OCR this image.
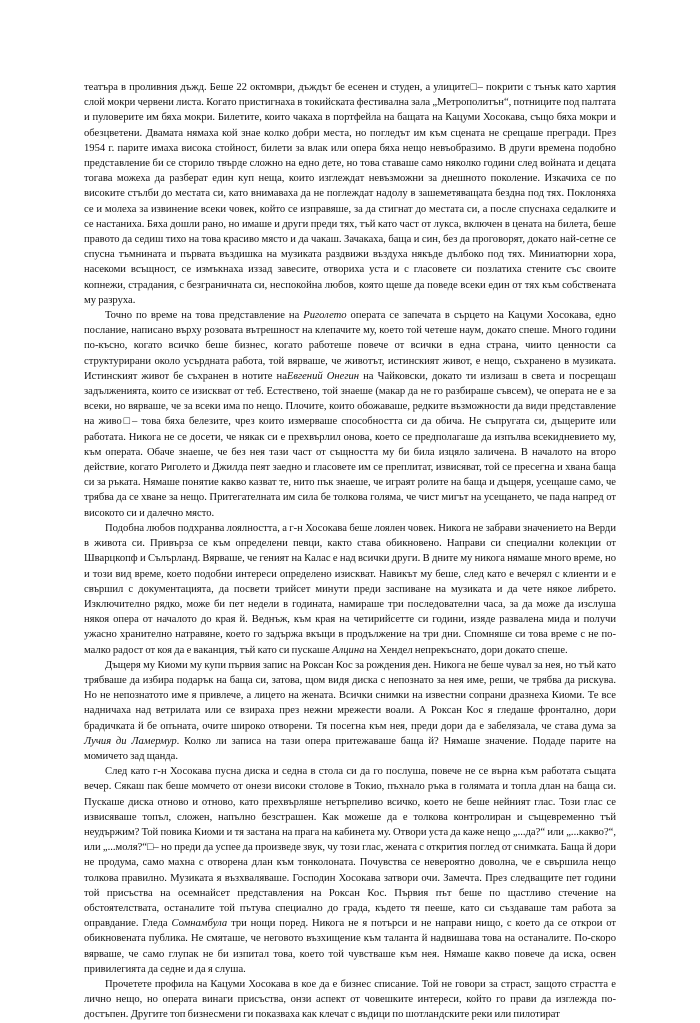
театъра в проливния дъжд. Беше 22 октомври, дъждът бе есенен и студен, а улиците□– покрити с тънък като хартия слой мокри червени листа. Когато пристигнаха в токийската фестивална зала „Метрополитън“, потниците под палтата и пуловерите им бяха мокри. Билетите, които чакаха в портфейла на бащата на Кацуми Хосокава, също бяха мокри и обезцветени. Двамата нямаха кой знае колко добри места, но погледът им към сцената не срещаше прегради. През 1954 г. парите имаха висока стойност, билети за влак или опера бяха нещо невъобразимо. В други времена подобно представление би се сторило твърде сложно на едно дете, но това ставаше само няколко години след войната и децата тогава можеха да разберат един куп неща, които изглеждат невъзможни за днешното поколение. Изкачиха се по високите стълби до местата си, като внимаваха да не поглеждат надолу в зашеметяващата бездна под тях. Поклоняха се и молеха за извинение всеки човек, който се изправяше, за да стигнат до местата си, а после спуснаха седалките и се настаниха. Бяха дошли рано, но имаше и други преди тях, тъй като част от лукса, включен в цената на билета, беше правото да седиш тихо на това красиво място и да чакаш. Зачакаха, баща и син, без да проговорят, докато най-сетне се спусна тъмнината и първата въздишка на музиката раздвижи въздуха някъде дълбоко под тях. Миниатюрни хора, насекоми всъщност, се измъкнаха иззад завесите, отвориха уста и с гласовете си позлатиха стените със своите копнежи, страдания, с безграничната си, неспокойна любов, която щеше да поведе всеки един от тях към собствената му разруха.

Точно по време на това представление на Риголето операта се запечата в сърцето на Кацуми Хосокава, едно послание, написано върху розовата вътрешност на клепачите му, което той четеше наум, докато спеше. Много години по-късно, когато всичко беше бизнес, когато работеше повече от всички в една страна, чиито ценности са структурирани около усърдната работа, той вярваше, че животът, истинският живот, е нещо, съхранено в музиката. Истинският живот бе съхранен в нотите наЕвгений Онегин на Чайковски, докато ти излизаш в света и посрещаш задълженията, които се изискват от теб. Естествено, той знаеше (макар да не го разбираше съвсем), че операта не е за всеки, но вярваше, че за всеки има по нещо. Плочите, които обожаваше, редките възможности да види представление на живо□– това бяха белезите, чрез които измерваше способността си да обича. Не съпругата си, дъщерите или работата. Никога не се досети, че някак си е прехвърлил онова, което се предполагаше да изпълва всекидневието му, към операта. Обаче знаеше, че без нея тази част от същността му би била изцяло заличена. В началото на второ действие, когато Риголето и Джилда пеят заедно и гласовете им се преплитат, извисяват, той се пресегна и хвана баща си за ръката. Нямаше понятие какво казват те, нито пък знаеше, че играят ролите на баща и дъщеря, усещаше само, че трябва да се хване за нещо. Притегателната им сила бе толкова голяма, че чист мигът на усещането, че пада напред от високото си и далечно място.

Подобна любов подхранва лоялността, а г-н Хосокава беше лоялен човек. Никога не забрави значението на Верди в живота си. Привърза се към определени певци, както става обикновено. Направи си специални колекции от Шварцкопф и Сълърланд. Вярваше, че геният на Калас е над всички други. В дните му никога нямаше много време, но и този вид време, което подобни интереси определено изискват. Навикът му беше, след като е вечерял с клиенти и е свършил с документацията, да посвети трийсет минути преди заспиване на музиката и да чете някое либрето. Изключително рядко, може би пет недели в годината, намираше три последователни часа, за да може да изслуша някоя опера от началото до края й. Веднъж, към края на четирийсетте си години, изяде развалена мида и получи ужасно хранително натравяне, което го задържа вкъщи в продължение на три дни. Спомняше си това време с не по-малко радост от коя да е ваканция, тъй като си пускаше Алцина на Хендел непрекъснато, дори докато спеше.

Дъщеря му Киоми му купи първия запис на Роксан Кос за рождения ден. Никога не беше чувал за нея, но тъй като трябваше да избира подарък на баща си, затова, щом видя диска с непознато за нея име, реши, че трябва да рискува. Но не непознатото име я привлече, а лицето на жената. Всички снимки на известни сопрани дразнеха Киоми. Те все надничаха над ветрилата или се взираха през нежни мрежести воали. А Роксан Кос я гледаше фронтално, дори брадичката й бе опъната, очите широко отворени. Тя посегна към нея, преди дори да е забелязала, че става дума за Лучия ди Ламермур. Колко ли записа на тази опера притежаваше баща й? Нямаше значение. Подаде парите на момичето зад щанда.

След като г-н Хосокава пусна диска и седна в стола си да го послуша, повече не се върна към работата същата вечер. Сякаш пак беше момчето от онези високи столове в Токио, пъхнало ръка в голямата и топла длан на баща си. Пускаше диска отново и отново, като прехвърляше нетърпеливо всичко, което не беше нейният глас. Този глас се извисяваше топъл, сложен, напълно безстрашен. Как можеше да е толкова контролиран и същевременно тъй неудържим? Той повика Киоми и тя застана на прага на кабинета му. Отвори уста да каже нещо „...да?“ или „...какво?“, или „...моля?“□– но преди да успее да произведе звук, чу този глас, жената с открития поглед от снимката. Баща й дори не продума, само махна с отворена длан към тонколоната. Почувства се невероятно доволна, че е свършила нещо толкова правилно. Музиката я възхваляваше. Господин Хосокава затвори очи. Замечта. През следващите пет години той присъства на осемнайсет представления на Роксан Кос. Първия път беше по щастливо стечение на обстоятелствата, останалите той пътува специално до града, където тя пееше, като си създаваше там работа за оправдание. Гледа Сомнамбула три нощи поред. Никога не я потърси и не направи нищо, с което да се открои от обикновената публика. Не смяташе, че неговото възхищение към таланта й надвишава това на останалите. По-скоро вярваше, че само глупак не би изпитал това, което той чувстваше към нея. Нямаше какво повече да иска, освен привилегията да седне и да я слуша.

Прочетете профила на Кацуми Хосокава в кое да е бизнес списание. Той не говори за страст, защото страстта е лично нещо, но операта винаги присъства, онзи аспект от човешките интереси, който го прави да изглежда по-достъпен. Другите топ бизнесмени ги показваха как клечат с въдици по шотландските реки или пилотират
